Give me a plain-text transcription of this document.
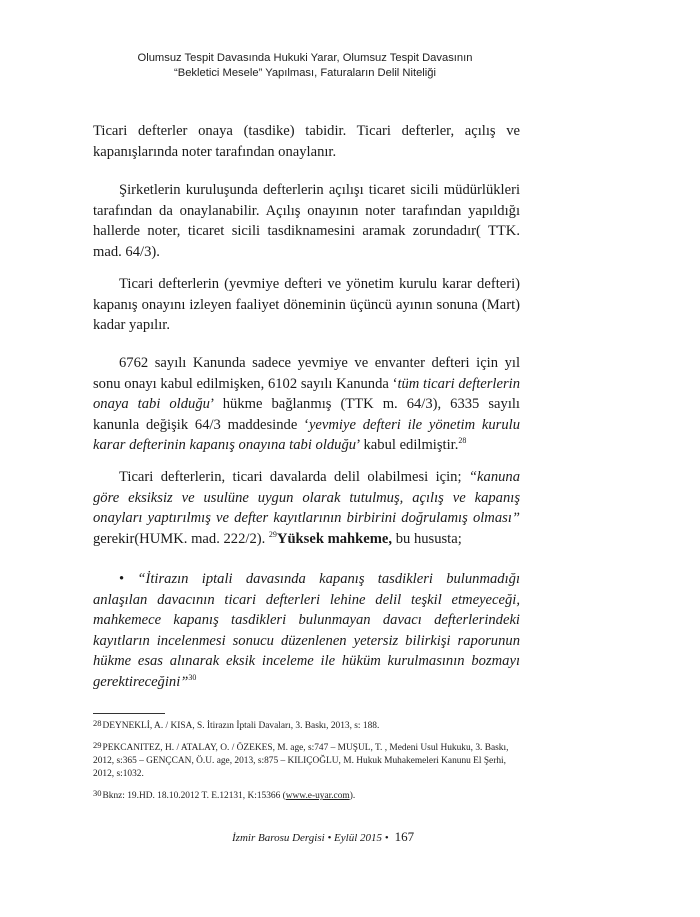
Olumsuz Tespit Davasında Hukuki Yarar, Olumsuz Tespit Davasının
“Bekletici Mesele” Yapılması, Faturaların Delil Niteliği

Ticari defterler onaya (tasdike) tabidir. Ticari defterler, açılış ve kapanışlarında noter tarafından onaylanır.

Şirketlerin kuruluşunda defterlerin açılışı ticaret sicili müdürlükleri tarafından da onaylanabilir. Açılış onayının noter tarafından yapıldığı hallerde noter, ticaret sicili tasdiknamesini aramak zorundadır( TTK. mad. 64/3).

Ticari defterlerin (yevmiye defteri ve yönetim kurulu karar defteri) kapanış onayını izleyen faaliyet döneminin üçüncü ayının sonuna (Mart) kadar yapılır.

6762 sayılı Kanunda sadece yevmiye ve envanter defteri için yıl sonu onayı kabul edilmişken, 6102 sayılı Kanunda ‘tüm ticari defterlerin onaya tabi olduğu’ hükme bağlanmış (TTK m. 64/3), 6335 sayılı kanunla değişik 64/3 maddesinde ‘yevmiye defteri ile yönetim kurulu karar defterinin kapanış onayına tabi olduğu’ kabul edilmiştir.$^{28}$

Ticari defterlerin, ticari davalarda delil olabilmesi için; “kanuna göre eksiksiz ve usulüne uygun olarak tutulmuş, açılış ve kapanış onayları yaptırılmış ve defter kayıtlarının birbirini doğrulamış olması” gerekir(HUMK. mad. 222/2). $^{29}$Yüksek mahkeme, bu hususta;

• “İtirazın iptali davasında kapanış tasdikleri bulunmadığı anlaşılan davacının ticari defterleri lehine delil teşkil etmeyeceği, mahkemece kapanış tasdikleri bulunmayan davacı defterlerindeki kayıtların incelenmesi sonucu düzenlenen yetersiz bilirkişi raporunun hükme esas alınarak eksik inceleme ile hüküm kurulmasının bozmayı gerektireceğini”$^{30}$

28DEYNEKLİ, A. / KISA, S. İtirazın İptali Davaları, 3. Baskı, 2013, s: 188.

29PEKCANITEZ, H. / ATALAY, O. / ÖZEKES, M. age, s:747 – MUŞUL, T. , Medeni Usul Hukuku, 3. Baskı, 2012, s:365 – GENÇCAN, Ö.U. age, 2013, s:875 – KILIÇOĞLU, M. Hukuk Muhakemeleri Kanunu El Şerhi, 2012, s:1032.

30Bknz: 19.HD. 18.10.2012 T. E.12131, K:15366 (www.e-uyar.com).

İzmir Barosu Dergisi • Eylül 2015 • 167
